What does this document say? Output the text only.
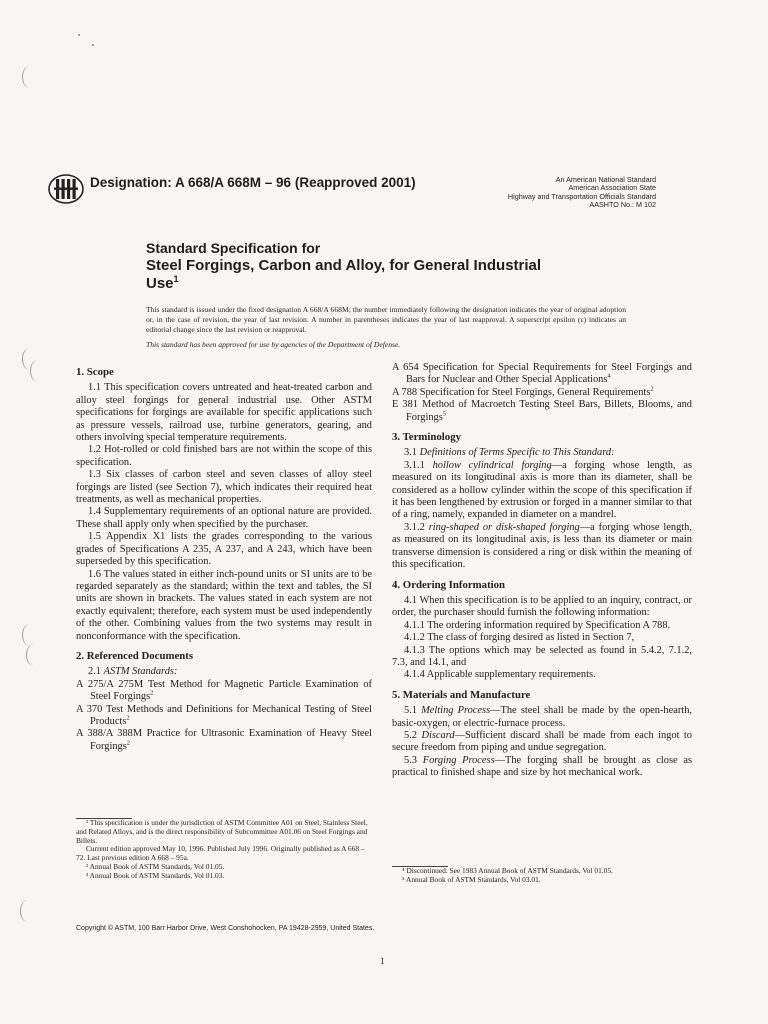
Designation: A 668/A 668M – 96 (Reapproved 2001)	An American National Standard
American Association State
Highway and Transportation Officials Standard
AASHTO No.: M 102
Standard Specification for
Steel Forgings, Carbon and Alloy, for General Industrial
Use$^1$
This standard is issued under the fixed designation A 668/A 668M; the number immediately following the designation indicates the year of original adoption or, in the case of revision, the year of last revision. A number in parentheses indicates the year of last reapproval. A superscript epsilon (ε) indicates an editorial change since the last revision or reapproval.
This standard has been approved for use by agencies of the Department of Defense.
1. Scope

1.1 This specification covers untreated and heat-treated carbon and alloy steel forgings for general industrial use. Other ASTM specifications for forgings are available for specific applications such as pressure vessels, railroad use, turbine generators, gearing, and others involving special temperature requirements.

1.2 Hot-rolled or cold finished bars are not within the scope of this specification.

1.3 Six classes of carbon steel and seven classes of alloy steel forgings are listed (see Section 7), which indicates their required heat treatments, as well as mechanical properties.

1.4 Supplementary requirements of an optional nature are provided. These shall apply only when specified by the purchaser.

1.5 Appendix X1 lists the grades corresponding to the various grades of Specifications A 235, A 237, and A 243, which have been superseded by this specification.

1.6 The values stated in either inch-pound units or SI units are to be regarded separately as the standard; within the text and tables, the SI units are shown in brackets. The values stated in each system are not exactly equivalent; therefore, each system must be used independently of the other. Combining values from the two systems may result in nonconformance with the specification.

2. Referenced Documents

2.1 ASTM Standards:

A 275/A 275M Test Method for Magnetic Particle Examination of Steel Forgings$^2$

A 370 Test Methods and Definitions for Mechanical Testing of Steel Products$^2$

A 388/A 388M Practice for Ultrasonic Examination of Heavy Steel Forgings$^2$

A 654 Specification for Special Requirements for Steel Forgings and Bars for Nuclear and Other Special Applications$^4$

A 788 Specification for Steel Forgings, General Requirements$^2$

E 381 Method of Macroetch Testing Steel Bars, Billets, Blooms, and Forgings$^5$

3. Terminology

3.1 Definitions of Terms Specific to This Standard:

3.1.1 hollow cylindrical forging—a forging whose length, as measured on its longitudinal axis is more than its diameter, shall be considered as a hollow cylinder within the scope of this specification if it has been lengthened by extrusion or forged in a manner similar to that of a ring, namely, expanded in diameter on a mandrel.

3.1.2 ring-shaped or disk-shaped forging—a forging whose length, as measured on its longitudinal axis, is less than its diameter or main transverse dimension is considered a ring or disk within the meaning of this specification.

4. Ordering Information

4.1 When this specification is to be applied to an inquiry, contract, or order, the purchaser should furnish the following information:

4.1.1 The ordering information required by Specification A 788.

4.1.2 The class of forging desired as listed in Section 7,

4.1.3 The options which may be selected as found in 5.4.2, 7.1.2, 7.3, and 14.1, and

4.1.4 Applicable supplementary requirements.

5. Materials and Manufacture

5.1 Melting Process—The steel shall be made by the open-hearth, basic-oxygen, or electric-furnace process.

5.2 Discard—Sufficient discard shall be made from each ingot to secure freedom from piping and undue segregation.

5.3 Forging Process—The forging shall be brought as close as practical to finished shape and size by hot mechanical work.

¹ This specification is under the jurisdiction of ASTM Committee A01 on Steel, Stainless Steel, and Related Alloys, and is the direct responsibility of Subcommittee A01.06 on Steel Forgings and Billets.

Current edition approved May 10, 1996. Published July 1996. Originally published as A 668 – 72. Last previous edition A 668 – 95a.

² Annual Book of ASTM Standards, Vol 01.05.

³ Annual Book of ASTM Standards, Vol 01.03.

⁴ Discontinued. See 1983 Annual Book of ASTM Standards, Vol 01.05.

⁵ Annual Book of ASTM Standards, Vol 03.01.

Copyright © ASTM, 100 Barr Harbor Drive, West Conshohocken, PA 19428-2959, United States.
1
